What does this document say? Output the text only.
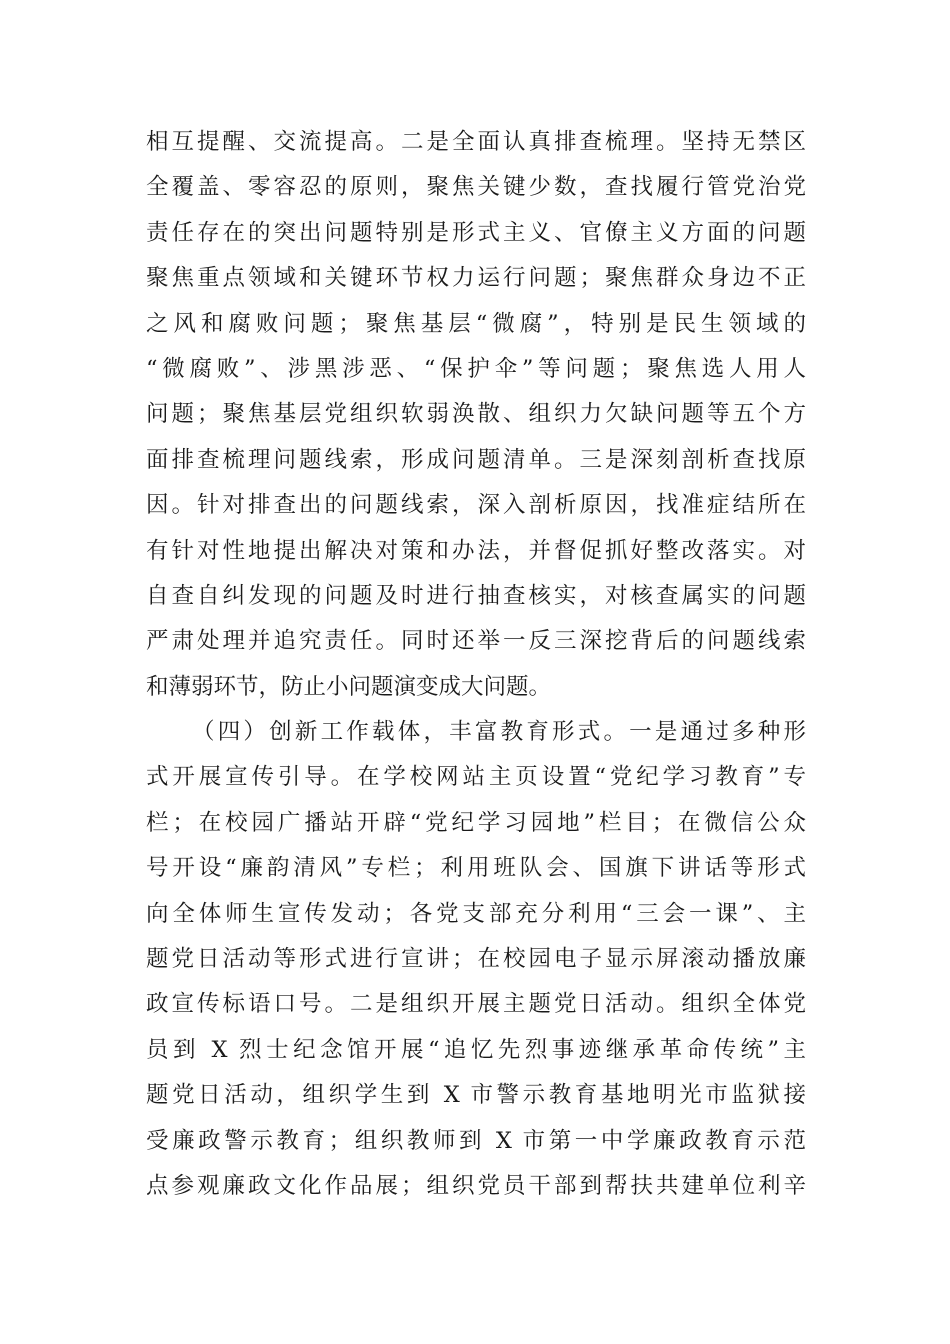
相互提醒、交流提高。二是全面认真排查梳理。坚持无禁区
全覆盖、零容忍的原则，聚焦关键少数，查找履行管党治党
责任存在的突出问题特别是形式主义、官僚主义方面的问题
聚焦重点领域和关键环节权力运行问题；聚焦群众身边不正
之风和腐败问题；聚焦基层“微腐”，特别是民生领域的
“微腐败”、涉黑涉恶、“保护伞”等问题；聚焦选人用人
问题；聚焦基层党组织软弱涣散、组织力欠缺问题等五个方
面排查梳理问题线索，形成问题清单。三是深刻剖析查找原
因。针对排查出的问题线索，深入剖析原因，找准症结所在
有针对性地提出解决对策和办法，并督促抓好整改落实。对
自查自纠发现的问题及时进行抽查核实，对核查属实的问题
严肃处理并追究责任。同时还举一反三深挖背后的问题线索
和薄弱环节，防止小问题演变成大问题。
（四）创新工作载体，丰富教育形式。一是通过多种形
式开展宣传引导。在学校网站主页设置“党纪学习教育”专
栏；在校园广播站开辟“党纪学习园地”栏目；在微信公众
号开设“廉韵清风”专栏；利用班队会、国旗下讲话等形式
向全体师生宣传发动；各党支部充分利用“三会一课”、主
题党日活动等形式进行宣讲；在校园电子显示屏滚动播放廉
政宣传标语口号。二是组织开展主题党日活动。组织全体党
员到 X 烈士纪念馆开展“追忆先烈事迹继承革命传统”主
题党日活动，组织学生到 X 市警示教育基地明光市监狱接
受廉政警示教育；组织教师到 X 市第一中学廉政教育示范
点参观廉政文化作品展；组织党员干部到帮扶共建单位利辛
